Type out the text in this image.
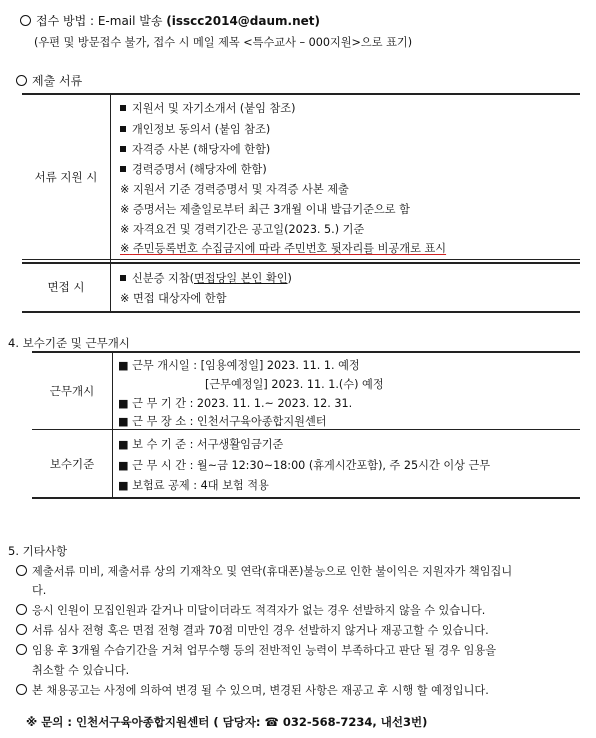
접수 방법 : E-mail 발송 (isscc2014@daum.net)
(우편 및 방문접수 불가, 접수 시 메일 제목 <특수교사 – 000지원>으로 표기)
제출 서류
서류 지원 시
면접 시
지원서 및 자기소개서 (붙임 참조)
개인정보 동의서 (붙임 참조)
자격증 사본 (해당자에 한함)
경력증명서 (해당자에 한함)
※ 지원서 기준 경력증명서 및 자격증 사본 제출
※ 증명서는 제출일로부터 최근 3개월 이내 발급기준으로 함
※ 자격요건 및 경력기간은 공고일(2023. 5.) 기준
※ 주민등록번호 수집금지에 따라 주민번호 뒷자리를 비공개로 표시
신분증 지참(면접당일 본인 확인)
※ 면접 대상자에 한함
4. 보수기준 및 근무개시
근무개시
보수기준
■ 근무 개시일 : [임용예정일] 2023. 11. 1. 예정
[근무예정일] 2023. 11. 1.(수) 예정
■ 근 무 기 간 : 2023. 11. 1.~ 2023. 12. 31.
■ 근 무 장 소 : 인천서구육아종합지원센터
■ 보 수 기 준 : 서구생활임금기준
■ 근 무 시 간 : 월~금 12:30~18:00 (휴게시간포함), 주 25시간 이상 근무
■ 보험료 공제 : 4대 보험 적용
5. 기타사항
제출서류 미비, 제출서류 상의 기재착오 및 연락(휴대폰)불능으로 인한 불이익은 지원자가 책임집니
다.
응시 인원이 모집인원과 같거나 미달이더라도 적격자가 없는 경우 선발하지 않을 수 있습니다.
서류 심사 전형 혹은 면접 전형 결과 70점 미만인 경우 선발하지 않거나 재공고할 수 있습니다.
임용 후 3개월 수습기간을 거쳐 업무수행 등의 전반적인 능력이 부족하다고 판단 될 경우 임용을
취소할 수 있습니다.
본 채용공고는 사정에 의하여 변경 될 수 있으며, 변경된 사항은 재공고 후 시행 할 예정입니다.
※ 문의 : 인천서구육아종합지원센터 ( 담당자: ☎ 032-568-7234, 내선3번)
